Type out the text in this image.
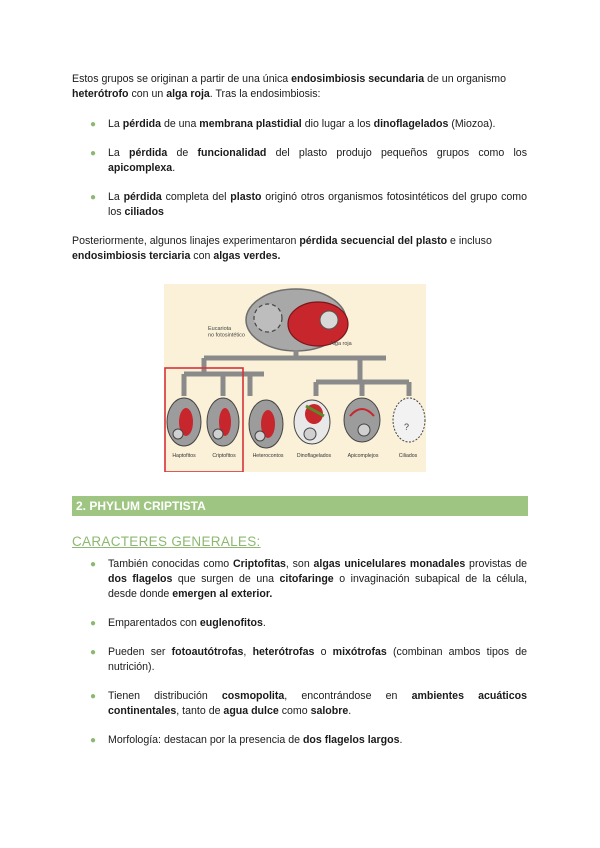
Estos grupos se originan a partir de una única endosimbiosis secundaria de un organismo heterótrofo con un alga roja. Tras la endosimbiosis:

● La pérdida de una membrana plastidial dio lugar a los dinoflagelados (Miozoa).
● La pérdida de funcionalidad del plasto produjo pequeños grupos como los apicomplexa.
● La pérdida completa del plasto originó otros organismos fotosintéticos del grupo como los ciliados

Posteriormente, algunos linajes experimentaron pérdida secuencial del plasto e incluso endosimbiosis terciaria con algas verdes.

Eucariota no fotosintético
Alga roja
?
Haptofitos	Criptofitos	Heterocontos	Dinoflagelados	Apicomplejos	Ciliados
2. PHYLUM CRIPTISTA
CARACTERES GENERALES:
● También conocidas como Criptofitas, son algas unicelulares monadales provistas de dos flagelos que surgen de una citofaringe o invaginación subapical de la célula, desde donde emergen al exterior.
● Emparentados con euglenofitos.
● Pueden ser fotoautótrofas, heterótrofas o mixótrofas (combinan ambos tipos de nutrición).
● Tienen distribución cosmopolita, encontrándose en ambientes acuáticos continentales, tanto de agua dulce como salobre.
● Morfología: destacan por la presencia de dos flagelos largos.
